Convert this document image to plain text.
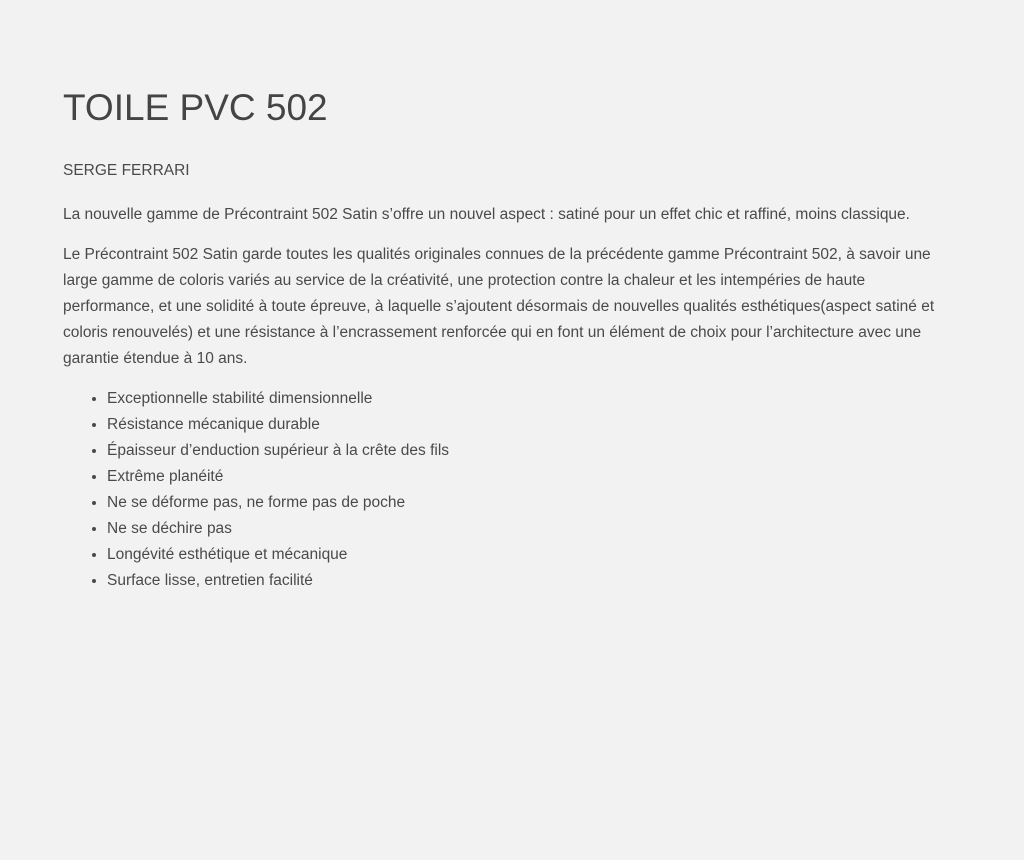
TOILE PVC 502

SERGE FERRARI

La nouvelle gamme de Précontraint 502 Satin s’offre un nouvel aspect : satiné pour un effet chic et raffiné, moins classique.

Le Précontraint 502 Satin garde toutes les qualités originales connues de la précédente gamme Précontraint 502, à savoir une large gamme de coloris variés au service de la créativité, une protection contre la chaleur et les intempéries de haute performance, et une solidité à toute épreuve, à laquelle s’ajoutent désormais de nouvelles qualités esthétiques(aspect satiné et coloris renouvelés) et une résistance à l’encrassement renforcée qui en font un élément de choix pour l’architecture avec une garantie étendue à 10 ans.

• Exceptionnelle stabilité dimensionnelle
• Résistance mécanique durable
• Épaisseur d’enduction supérieur à la crête des fils
• Extrême planéité
• Ne se déforme pas, ne forme pas de poche
• Ne se déchire pas
• Longévité esthétique et mécanique
• Surface lisse, entretien facilité
